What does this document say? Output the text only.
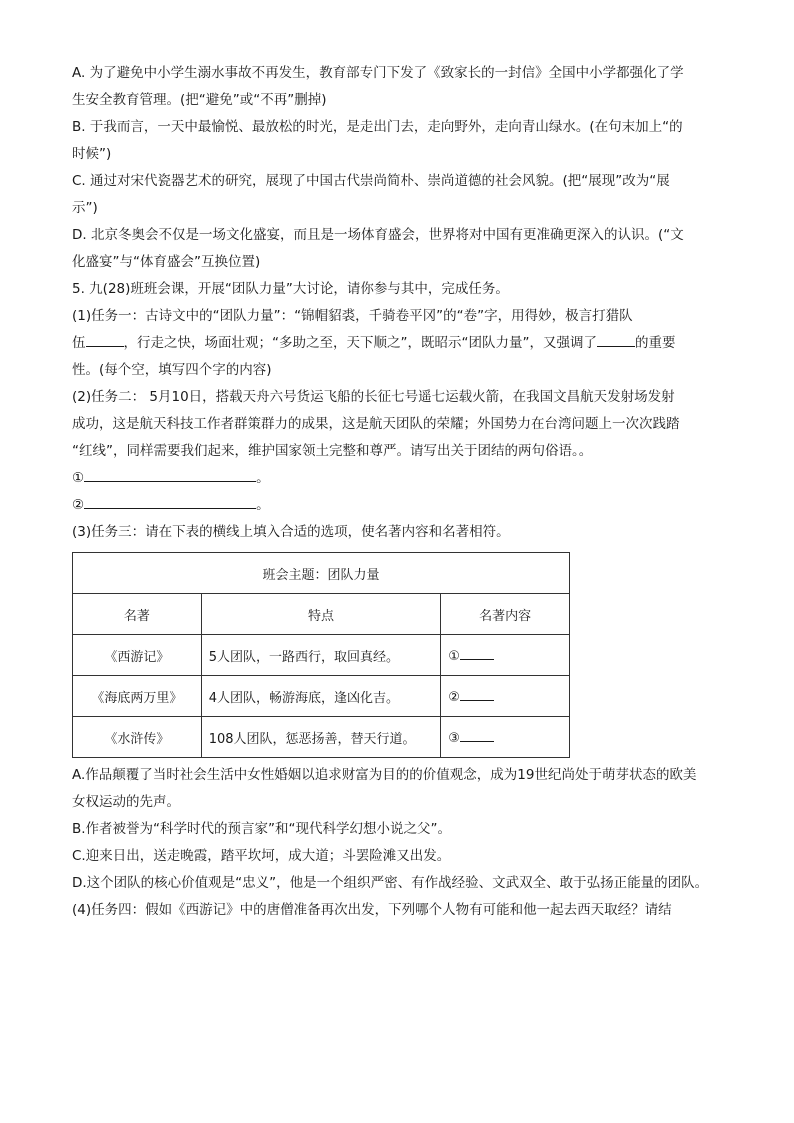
A. 为了避免中小学生溺水事故不再发生，教育部专门下发了《致家长的一封信》全国中小学都强化了学
生安全教育管理。(把“避免”或“不再”删掉)
B. 于我而言，一天中最愉悦、最放松的时光，是走出门去，走向野外，走向青山绿水。(在句末加上“的
时候”)
C. 通过对宋代瓷器艺术的研究，展现了中国古代崇尚简朴、崇尚道德的社会风貌。(把“展现”改为“展
示”)
D. 北京冬奥会不仅是一场文化盛宴，而且是一场体育盛会，世界将对中国有更准确更深入的认识。(“文
化盛宴”与“体育盛会”互换位置)
5. 九(28)班班会课，开展“团队力量”大讨论，请你参与其中，完成任务。
(1)任务一：古诗文中的“团队力量”：“锦帽貂裘，千骑卷平冈”的“卷”字，用得妙，极言打猎队
伍	，行走之快，场面壮观；“多助之至，天下顺之”，既昭示“团队力量”，又强调了	的重要
性。(每个空，填写四个字的内容)
(2)任务二： 5月10日，搭载天舟六号货运飞船的长征七号遥七运载火箭，在我国文昌航天发射场发射
成功，这是航天科技工作者群策群力的成果，这是航天团队的荣耀；外国势力在台湾问题上一次次践踏
“红线”，同样需要我们起来，维护国家领土完整和尊严。请写出关于团结的两句俗语。。
①	。
②	。
(3)任务三：请在下表的横线上填入合适的选项，使名著内容和名著相符。
班会主题：团队力量		
名著	特点	名著内容
《西游记》	5人团队，一路西行，取回真经。	①
《海底两万里》	4人团队，畅游海底，逢凶化吉。	②
《水浒传》	108人团队，惩恶扬善，替天行道。	③
A.作品颠覆了当时社会生活中女性婚姻以追求财富为目的的价值观念，成为19世纪尚处于萌芽状态的欧美
女权运动的先声。
B.作者被誉为“科学时代的预言家”和“现代科学幻想小说之父”。
C.迎来日出，送走晚霞，踏平坎坷，成大道；斗罢险滩又出发。
D.这个团队的核心价值观是“忠义”，他是一个组织严密、有作战经验、文武双全、敢于弘扬正能量的团队。
(4)任务四：假如《西游记》中的唐僧准备再次出发，下列哪个人物有可能和他一起去西天取经？请结
